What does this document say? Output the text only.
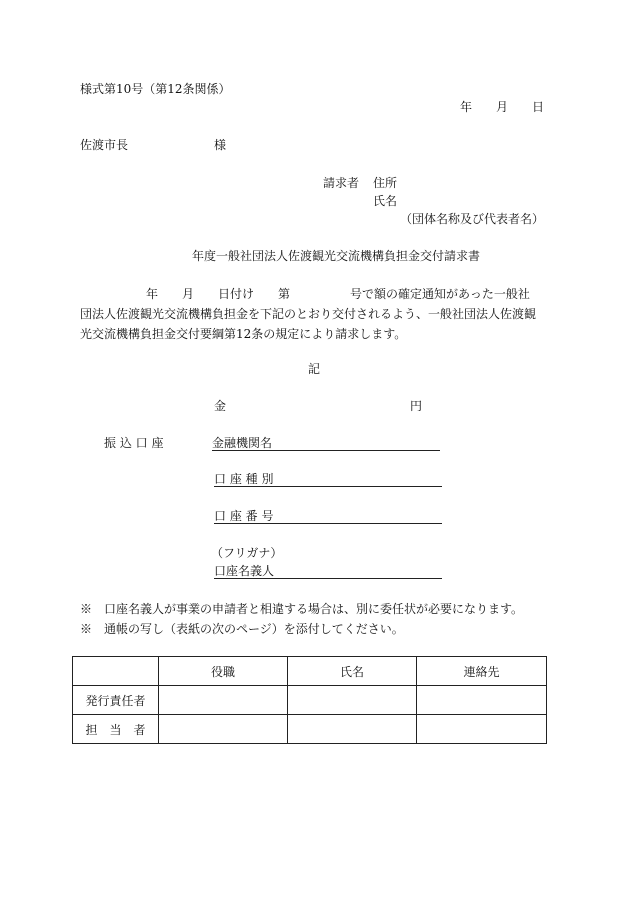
様式第10号（第12条関係）
年　　月　　日
佐渡市長	様
請求者 住所
氏名
（団体名称及び代表者名）
年度一般社団法人佐渡観光交流機構負担金交付請求書
年　　月　　日付け　　第　　　　　号で額の確定通知があった一般社
団法人佐渡観光交流機構負担金を下記のとおり交付されるよう、一般社団法人佐渡観
光交流機構負担金交付要綱第12条の規定により請求します。
記
金	円
振 込 口 座	金融機関名
口 座 種 別
口 座 番 号
（フリガナ）
口座名義人
※　口座名義人が事業の申請者と相違する場合は、別に委任状が必要になります。
※　通帳の写し（表紙の次のページ）を添付してください。
	役職	氏名	連絡先
発行責任者			
担　当　者			
